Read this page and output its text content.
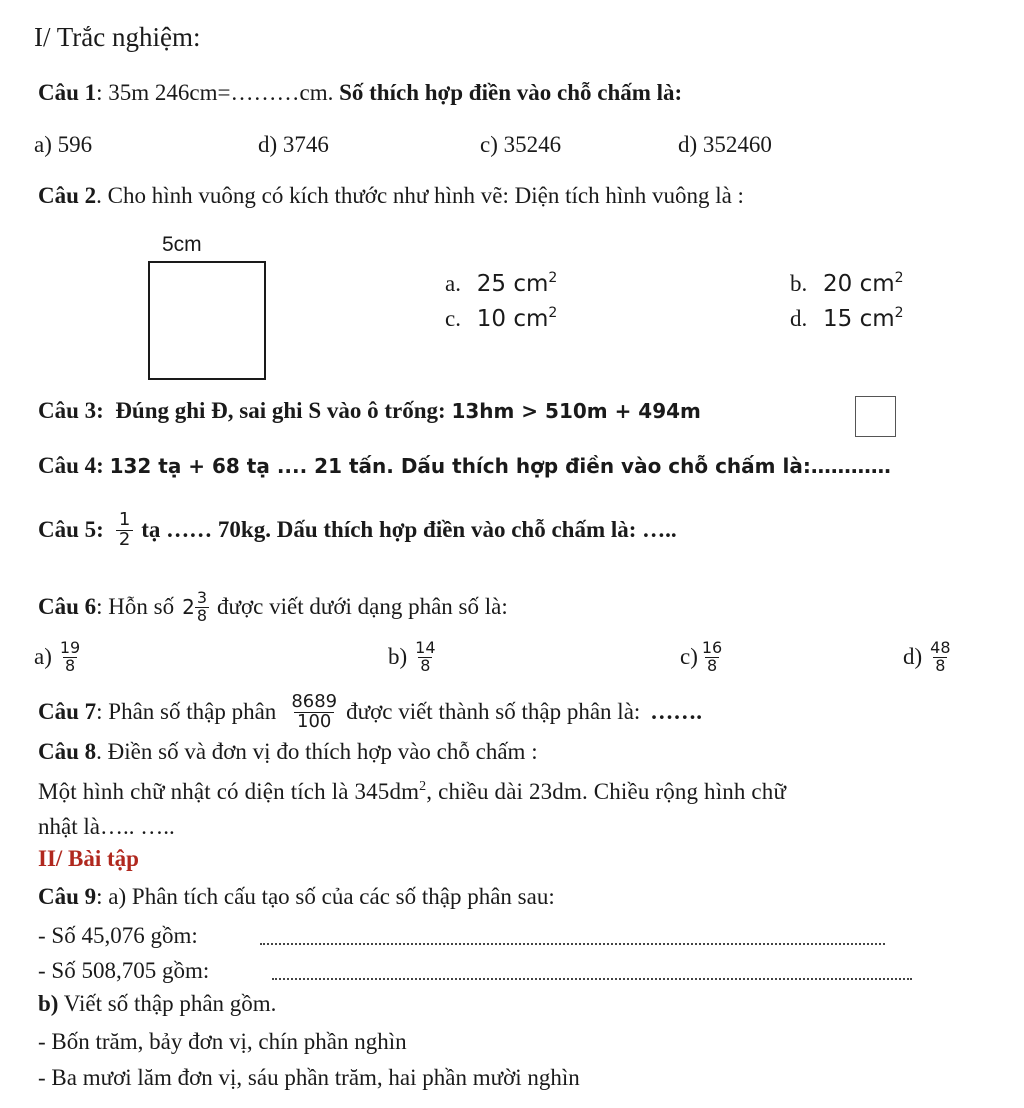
I/ Trắc nghiệm:
Câu 1: 35m 246cm=………cm. Số thích hợp điền vào chỗ chấm là:
a) 596	d) 3746	c) 35246	d) 352460
Câu 2. Cho hình vuông có kích thước như hình vẽ: Diện tích hình vuông là :
5cm
a. 25 $cm^2$	b. 20 $cm^2$
c. 10 $cm^2$	d. 15 $cm^2$
Câu 3: Đúng ghi Đ, sai ghi S vào ô trống: 13hm > 510m + 494m
Câu 4: 132 tạ + 68 tạ .... 21 tấn. Dấu thích hợp điền vào chỗ chấm là:…………
Câu 5: $\frac{1}{2}$ tạ …… 70kg. Dấu thích hợp điền vào chỗ chấm là: …..
Câu 6 : Hỗn số $2 \frac{3}{8}$ được viết dưới dạng phân số là:
$a) \frac{19}{8}$	$b) \frac{14}{8}$	$c) \frac{16}{8}$	$d) \frac{48}{8}$
Câu 7 : Phân số thập phân $\frac{8689}{100}$ được viết thành số thập phân là: …….
Câu 8. Điền số và đơn vị đo thích hợp vào chỗ chấm :
Một hình chữ nhật có diện tích là $345dm^2$, chiều dài 23dm. Chiều rộng hình chữ
nhật là….. …..
II/ Bài tập
Câu 9: a) Phân tích cấu tạo số của các số thập phân sau:
- Số 45,076 gồm:
- Số 508,705 gồm:
b) Viết số thập phân gồm.
- Bốn trăm, bảy đơn vị, chín phần nghìn
- Ba mươi lăm đơn vị, sáu phần trăm, hai phần mười nghìn
